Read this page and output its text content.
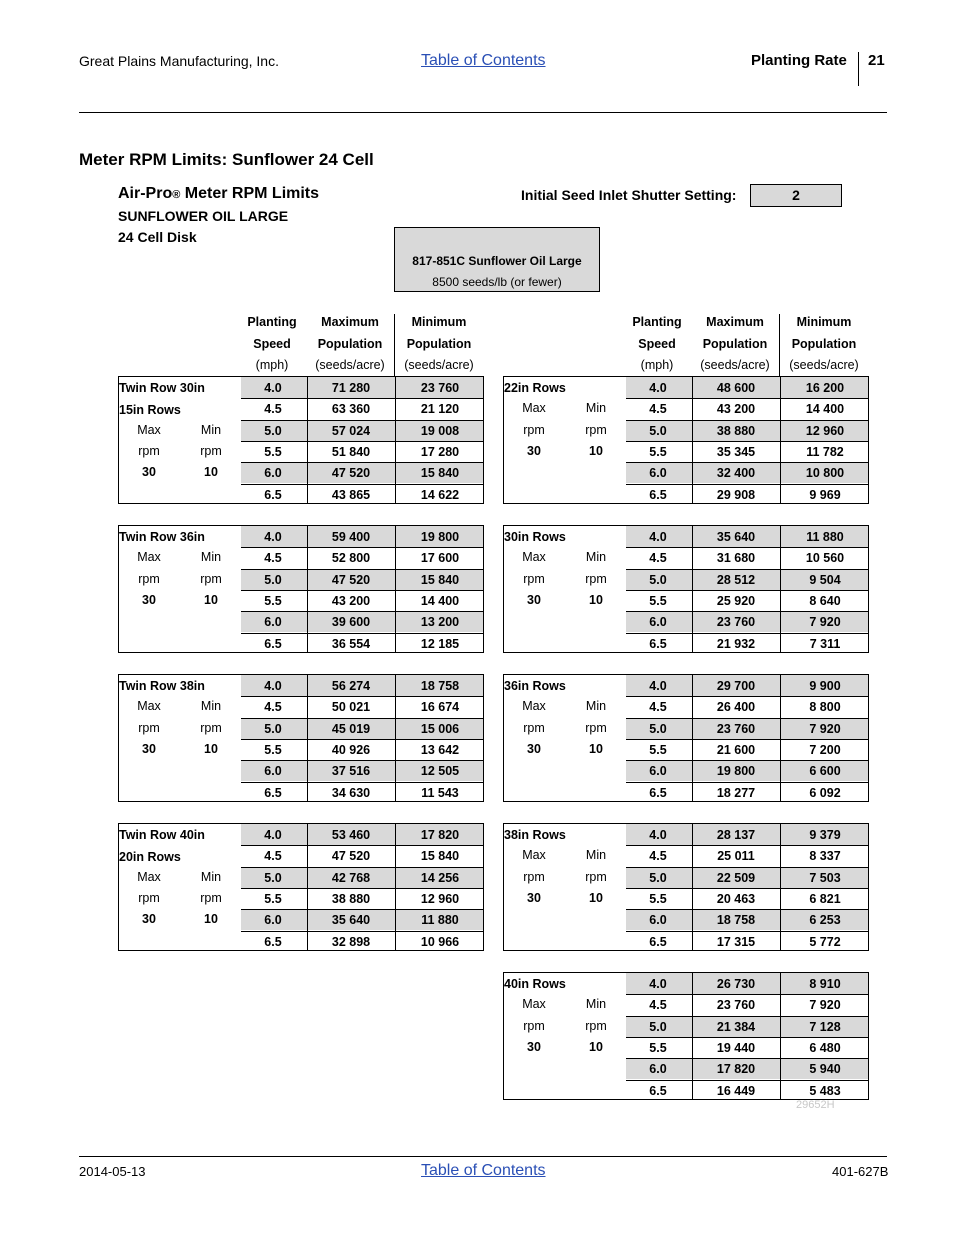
Great Plains Manufacturing, Inc.	Table of Contents	Planting Rate 21
Meter RPM Limits: Sunflower 24 Cell
Air-Pro® Meter RPM Limits
SUNFLOWER OIL LARGE
24 Cell Disk
Initial Seed Inlet Shutter Setting:	2
817-851C Sunflower Oil Large
8500 seeds/lb (or fewer)
Planting
Speed
(mph)
Maximum
Population
(seeds/acre)
Minimum
Population
(seeds/acre)
Planting
Speed
(mph)
Maximum
Population
(seeds/acre)
Minimum
Population
(seeds/acre)
Twin Row 30in
15in Rows
Max	Min
rpm	rpm
30	10
4.0	71 280	23 760
4.5	63 360	21 120
5.0	57 024	19 008
5.5	51 840	17 280
6.0	47 520	15 840
6.5	43 865	14 622
Twin Row 36in
Max	Min
rpm	rpm
30	10
4.0	59 400	19 800
4.5	52 800	17 600
5.0	47 520	15 840
5.5	43 200	14 400
6.0	39 600	13 200
6.5	36 554	12 185
Twin Row 38in
Max	Min
rpm	rpm
30	10
4.0	56 274	18 758
4.5	50 021	16 674
5.0	45 019	15 006
5.5	40 926	13 642
6.0	37 516	12 505
6.5	34 630	11 543
Twin Row 40in
20in Rows
Max	Min
rpm	rpm
30	10
4.0	53 460	17 820
4.5	47 520	15 840
5.0	42 768	14 256
5.5	38 880	12 960
6.0	35 640	11 880
6.5	32 898	10 966
22in Rows
Max	Min
rpm	rpm
30	10
4.0	48 600	16 200
4.5	43 200	14 400
5.0	38 880	12 960
5.5	35 345	11 782
6.0	32 400	10 800
6.5	29 908	9 969
30in Rows
Max	Min
rpm	rpm
30	10
4.0	35 640	11 880
4.5	31 680	10 560
5.0	28 512	9 504
5.5	25 920	8 640
6.0	23 760	7 920
6.5	21 932	7 311
36in Rows
Max	Min
rpm	rpm
30	10
4.0	29 700	9 900
4.5	26 400	8 800
5.0	23 760	7 920
5.5	21 600	7 200
6.0	19 800	6 600
6.5	18 277	6 092
38in Rows
Max	Min
rpm	rpm
30	10
4.0	28 137	9 379
4.5	25 011	8 337
5.0	22 509	7 503
5.5	20 463	6 821
6.0	18 758	6 253
6.5	17 315	5 772
40in Rows
Max	Min
rpm	rpm
30	10
4.0	26 730	8 910
4.5	23 760	7 920
5.0	21 384	7 128
5.5	19 440	6 480
6.0	17 820	5 940
6.5	16 449	5 483
29652H
2014-05-13	Table of Contents	401-627B
